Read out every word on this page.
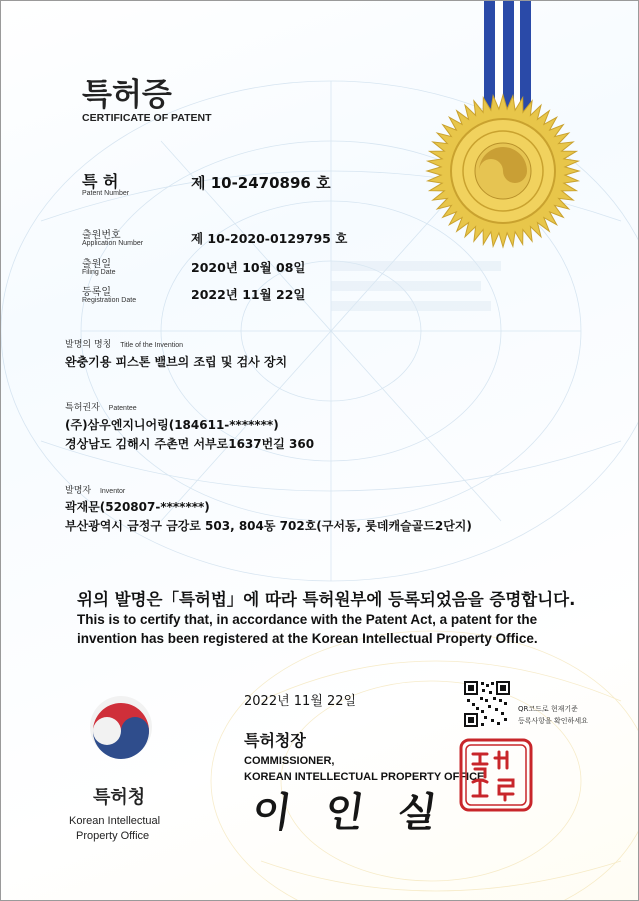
특허증
CERTIFICATE OF PATENT
특 허
Patent Number
제 10-2470896 호
출원번호
Application Number	제 10-2020-0129795 호
출원일
Filing Date	2020년 10월 08일
등록일
Registration Date	2022년 11월 22일
발명의 명칭 Title of the Invention
완충기용 피스톤 밸브의 조립 및 검사 장치
특허권자 Patentee
(주)삼우엔지니어링(184611-*******)
경상남도 김해시 주촌면 서부로1637번길 360
발명자 Inventor
곽재문(520807-*******)
부산광역시 금정구 금강로 503, 804동 702호(구서동, 롯데캐슬골드2단지)
위의 발명은「특허법」에 따라 특허원부에 등록되었음을 증명합니다.
This is to certify that, in accordance with the Patent Act, a patent for the
invention has been registered at the Korean Intellectual Property Office.
2022년 11월 22일
특허청장
COMMISSIONER,
KOREAN INTELLECTUAL PROPERTY OFFICE
이 인 실
QR코드로 현재기준
등록사항을 확인하세요
특허청
Korean Intellectual
Property Office
